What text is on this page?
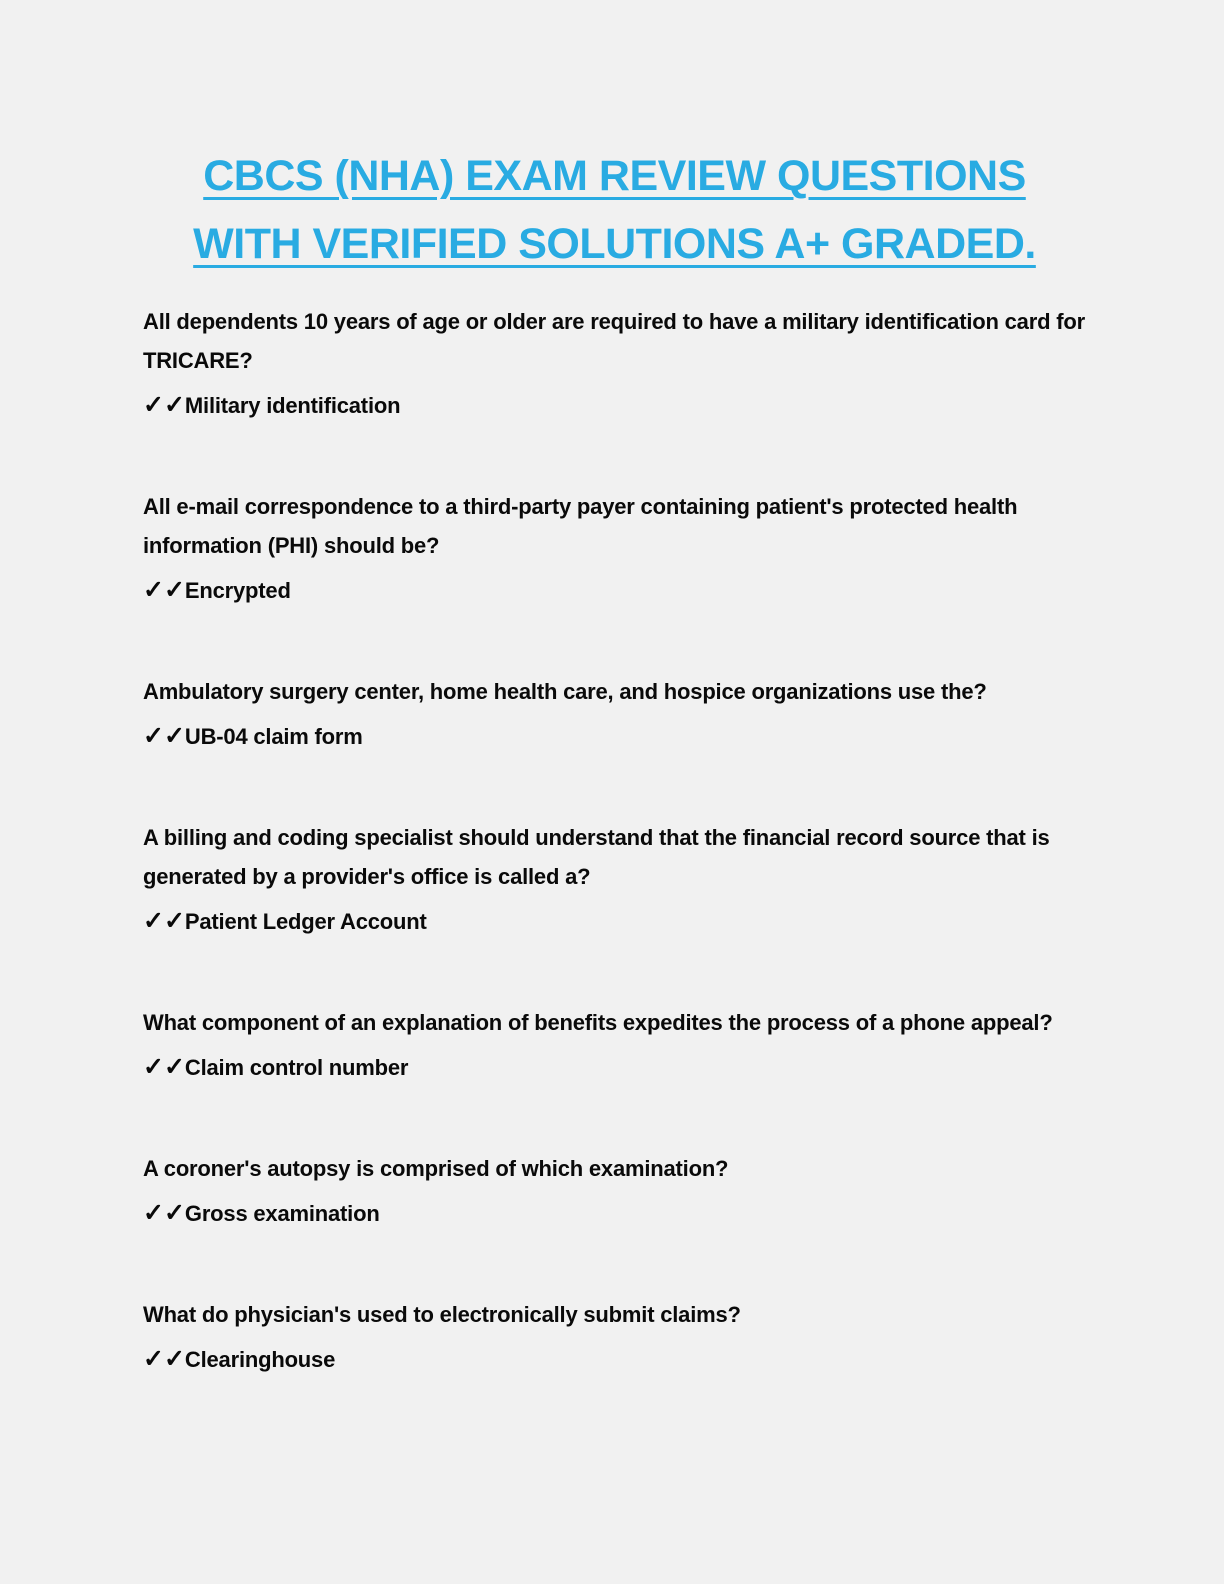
CBCS (NHA) EXAM REVIEW QUESTIONS
WITH VERIFIED SOLUTIONS A+ GRADED.

All dependents 10 years of age or older are required to have a military identification card for TRICARE?

✓✓Military identification

All e-mail correspondence to a third-party payer containing patient's protected health information (PHI) should be?

✓✓Encrypted

Ambulatory surgery center, home health care, and hospice organizations use the?

✓✓UB-04 claim form

A billing and coding specialist should understand that the financial record source that is generated by a provider's office is called a?

✓✓Patient Ledger Account

What component of an explanation of benefits expedites the process of a phone appeal?

✓✓Claim control number

A coroner's autopsy is comprised of which examination?

✓✓Gross examination

What do physician's used to electronically submit claims?

✓✓Clearinghouse
